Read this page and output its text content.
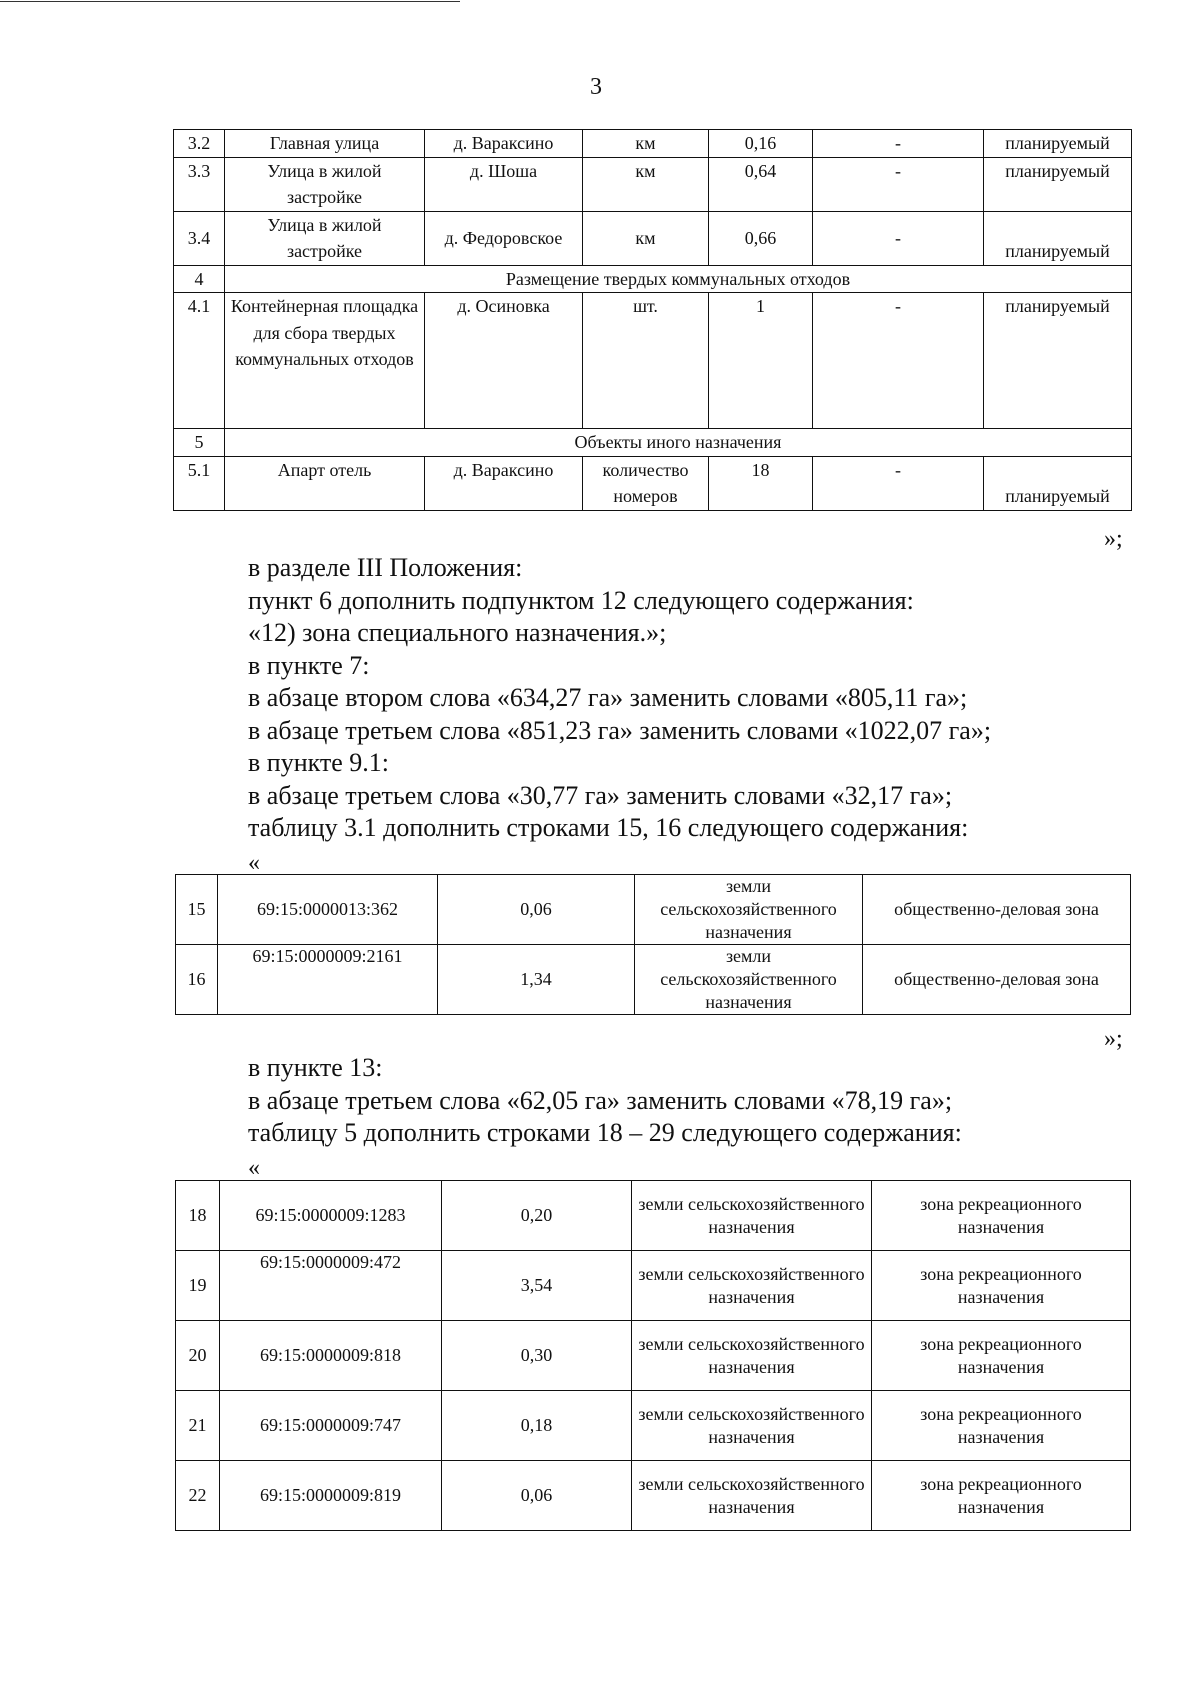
3
3.2	Главная улица	д. Вараксино	км	0,16	-	планируемый
3.3	Улица в жилой застройке	д. Шоша	км	0,64	-	планируемый
3.4	Улица в жилой застройке	д. Федоровское	км	0,66	-	планируемый
4	Размещение твердых коммунальных отходов					
4.1	Контейнерная площадка для сбора твердых коммунальных отходов	д. Осиновка	шт.	1	-	планируемый
5	Объекты иного назначения					
5.1	Апарт отель	д. Вараксино	количество номеров	18	-	планируемый
»;
в разделе III Положения:
пункт 6 дополнить подпунктом 12 следующего содержания:
«12) зона специального назначения.»;
в пункте 7:
в абзаце втором слова «634,27 га» заменить словами «805,11 га»;
в абзаце третьем слова «851,23 га» заменить словами «1022,07 га»;
в пункте 9.1:
в абзаце третьем слова «30,77 га» заменить словами «32,17 га»;
таблицу 3.1 дополнить строками 15, 16 следующего содержания:
«
15	69:15:0000013:362	0,06	земли сельскохозяйственного назначения	общественно-деловая зона
16	69:15:0000009:2161	1,34	земли сельскохозяйственного назначения	общественно-деловая зона
»;
в пункте 13:
в абзаце третьем слова «62,05 га» заменить словами «78,19 га»;
таблицу 5 дополнить строками 18 – 29 следующего содержания:
«
18	69:15:0000009:1283	0,20	земли сельскохозяйственного назначения	зона рекреационного назначения
19	69:15:0000009:472	3,54	земли сельскохозяйственного назначения	зона рекреационного назначения
20	69:15:0000009:818	0,30	земли сельскохозяйственного назначения	зона рекреационного назначения
21	69:15:0000009:747	0,18	земли сельскохозяйственного назначения	зона рекреационного назначения
22	69:15:0000009:819	0,06	земли сельскохозяйственного назначения	зона рекреационного назначения
